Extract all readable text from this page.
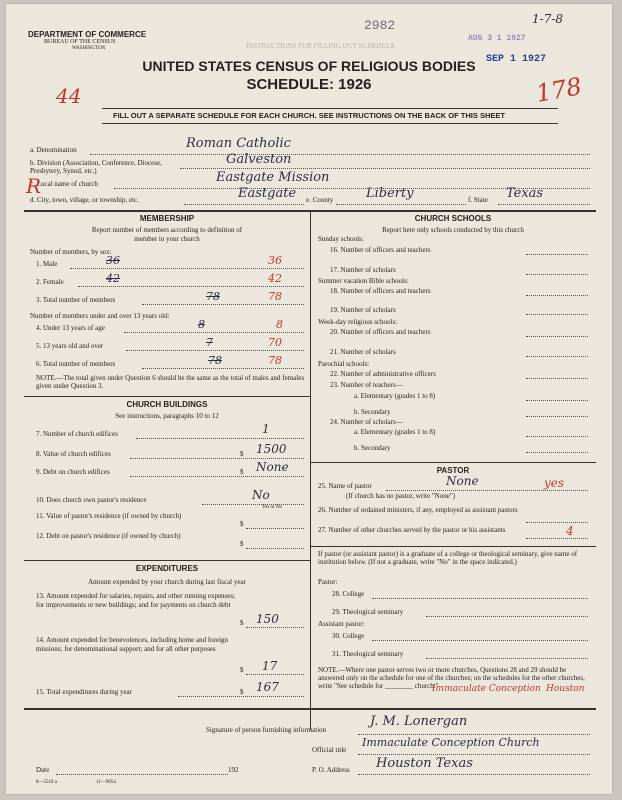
DEPARTMENT OF COMMERCE
BUREAU OF THE CENSUS
WASHINGTON	INSTRUCTIONS FOR FILLING OUT SCHEDULE
2982	1-7-8
AUG 3 1 1927
SEP 1 1927
UNITED STATES CENSUS OF RELIGIOUS BODIES
SCHEDULE: 1926
44	178
FILL OUT A SEPARATE SCHEDULE FOR EACH CHURCH. SEE INSTRUCTIONS ON THE BACK OF THIS SHEET
a. Denomination	Roman Catholic
b. Division (Association, Conference, Diocese, Presbytery, Synod, etc.)
Galveston
c. Local name of church	Eastgate Mission
R
d. City, town, village, or township, etc.	Eastgate e. County	Liberty	f. State Texas
MEMBERSHIP
Report number of members according to definition of
member in your church
Number of members, by sex:
1. Male	36	36
2. Female	42	42
3. Total number of members	78	78
Number of members under and over 13 years old:
4. Under 13 years of age	8	8
5. 13 years old and over	7	70
6. Total number of members	78	78
NOTE.—The total given under Question 6 should be the same as the total of males and females given under Question 3.
CHURCH BUILDINGS
See instructions, paragraphs 10 to 12
7. Number of church edifices	1
8. Value of church edifices	$ 1500
9. Debt on church edifices	$ None
10. Does church own pastor's residence	No
Yes or No
11. Value of pastor's residence (if owned by church)
$
12. Debt on pastor's residence (if owned by church)
$
EXPENDITURES
Amount expended by your church during last fiscal year
13. Amount expended for salaries, repairs, and other running expenses; for improvements or new buildings; and for payments on church debt
$ 150
14. Amount expended for benevolences, including home and foreign missions; for denominational support; and for all other purposes
$ 17
15. Total expenditures during year	$ 167
CHURCH SCHOOLS
Report here only schools conducted by this church
Sunday schools:
16. Number of officers and teachers
17. Number of scholars
Summer vacation Bible schools:
18. Number of officers and teachers
19. Number of scholars
Week-day religious schools:
20. Number of officers and teachers
21. Number of scholars
Parochial schools:
22. Number of administrative officers
23. Number of teachers—
a. Elementary (grades 1 to 8)
b. Secondary
24. Number of scholars—
a. Elementary (grades 1 to 8)
b. Secondary
PASTOR
25. Name of pastor	None	yes
(If church has no pastor, write "None")
26. Number of ordained ministers, if any, employed as assistant pastors
27. Number of other churches served by the pastor or his assistants	4
If pastor (or assistant pastor) is a graduate of a college or theological seminary, give name of institution below. (If not a graduate, write "No" in the space indicated.)
Pastor:
28. College
29. Theological seminary
Assistant pastor:
30. College
31. Theological seminary
NOTE.—Where one pastor serves two or more churches, Questions 28 and 29 should be answered only on the schedule for one of the churches; on the schedules for the other churches, write "See schedule for ________ church."
Immaculate Conception Houston
Signature of person furnishing information
J. M. Lonergan
Official title
Immaculate Conception Church
P. O. Address Houston Texas
Date	192
8—5518 a	11—9054
